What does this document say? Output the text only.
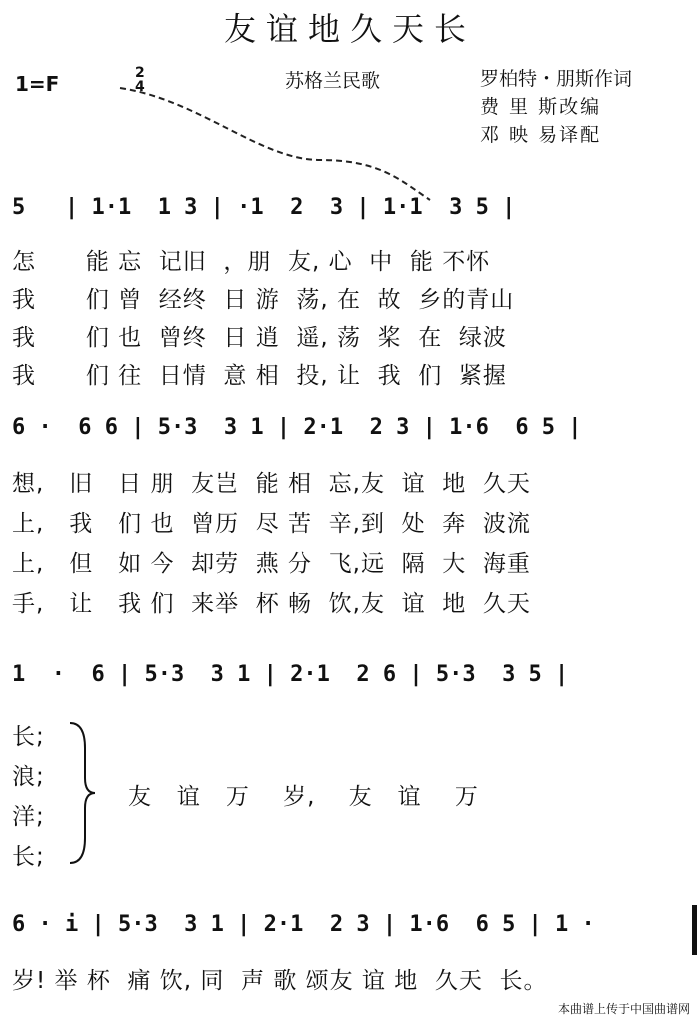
友谊地久天长
1=F	2
4	苏格兰民歌	罗柏特・朋斯作词
费 里 斯改编
邓 映 易译配
5   | 1·1  1 3 | ·1  2  3 | 1·1  3 5 |
怎      能 忘  记旧  ，朋  友, 心  中  能 不怀
我      们 曾  经终  日 游  荡, 在  故  乡的青山
我      们 也  曾终  日 逍  遥, 荡  桨  在  绿波
我      们 往  日情  意 相  投, 让  我  们  紧握
6 ·  6 6 | 5·3  3 1 | 2·1  2 3 | 1·6  6 5 |
想,   旧   日 朋  友岂  能 相  忘,友  谊  地  久天
上,   我   们 也  曾历  尽 苦  辛,到  处  奔  波流
上,   但   如 今  却劳  燕 分  飞,远  隔  大  海重
手,   让   我 们  来举  杯 畅  饮,友  谊  地  久天
1  ·  6 | 5·3  3 1 | 2·1  2 6 | 5·3  3 5 |
长;
浪;
洋;
长;
友   谊   万    岁,    友   谊    万
6 · i | 5·3  3 1 | 2·1  2 3 | 1·6  6 5 | 1 ·
岁! 举 杯  痛 饮, 同  声 歌 颂友 谊 地  久天  长。
本曲谱上传于中国曲谱网
